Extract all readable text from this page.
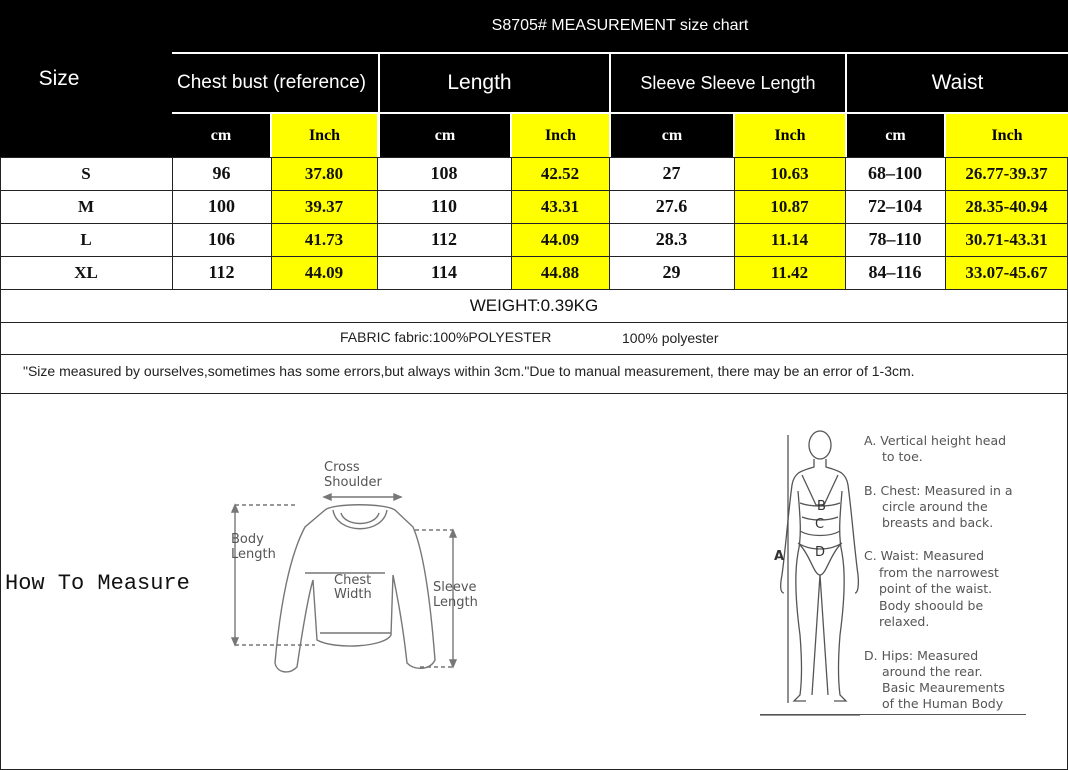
Size
S8705# MEASUREMENT size chart
Chest bust (reference)	Length	Sleeve Sleeve Length	Waist
cm	Inch	cm	Inch	cm	Inch	cm	Inch
S	96	37.80	108	42.52	27	10.63	68–100	26.77-39.37
M	100	39.37	110	43.31	27.6	10.87	72–104	28.35-40.94
L	106	41.73	112	44.09	28.3	11.14	78–110	30.71-43.31
XL	112	44.09	114	44.88	29	11.42	84–116	33.07-45.67
WEIGHT:0.39KG
FABRIC fabric:100%POLYESTER	100% polyester
"Size measured by ourselves,sometimes has some errors,but always within 3cm."Due to manual measurement, there may be an error of 1-3cm.
How To Measure
Cross
Shoulder
Body
Length
Chest
Width	Sleeve
Length
B
C
D
A
A. Vertical height head
to toe.
B. Chest: Measured in a
circle around the
breasts and back.
C. Waist: Measured
from the narrowest
point of the waist.
Body shoould be
relaxed.
D. Hips: Measured
around the rear.
Basic Meaurements
of the Human Body
